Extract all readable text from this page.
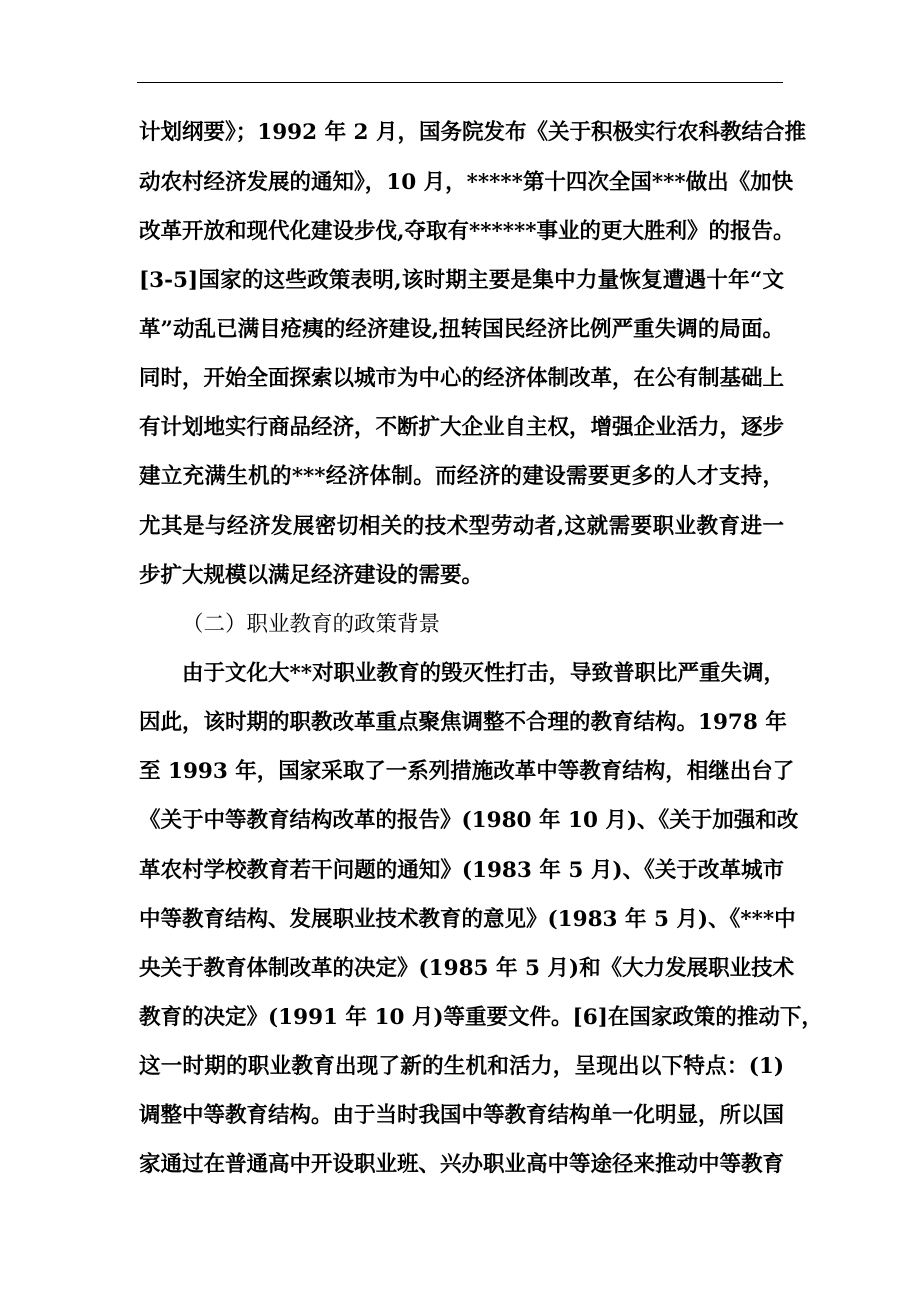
计划纲要》；1992 年 2 月，国务院发布《关于积极实行农科教结合推
动农村经济发展的通知》，10 月，*****第十四次全国***做出《加快
改革开放和现代化建设步伐,夺取有******事业的更大胜利》的报告。
[3-5]国家的这些政策表明,该时期主要是集中力量恢复遭遇十年“文
革”动乱已满目疮痍的经济建设,扭转国民经济比例严重失调的局面。
同时，开始全面探索以城市为中心的经济体制改革，在公有制基础上
有计划地实行商品经济，不断扩大企业自主权，增强企业活力，逐步
建立充满生机的***经济体制。而经济的建设需要更多的人才支持，
尤其是与经济发展密切相关的技术型劳动者,这就需要职业教育进一
步扩大规模以满足经济建设的需要。
（二）职业教育的政策背景
由于文化大**对职业教育的毁灭性打击，导致普职比严重失调，
因此，该时期的职教改革重点聚焦调整不合理的教育结构。1978 年
至 1993 年，国家采取了一系列措施改革中等教育结构，相继出台了
《关于中等教育结构改革的报告》(1980 年 10 月)、《关于加强和改
革农村学校教育若干问题的通知》(1983 年 5 月)、《关于改革城市
中等教育结构、发展职业技术教育的意见》(1983 年 5 月)、《***中
央关于教育体制改革的决定》(1985 年 5 月)和《大力发展职业技术
教育的决定》(1991 年 10 月)等重要文件。[6]在国家政策的推动下，
这一时期的职业教育出现了新的生机和活力，呈现出以下特点：(1)
调整中等教育结构。由于当时我国中等教育结构单一化明显，所以国
家通过在普通高中开设职业班、兴办职业高中等途径来推动中等教育
